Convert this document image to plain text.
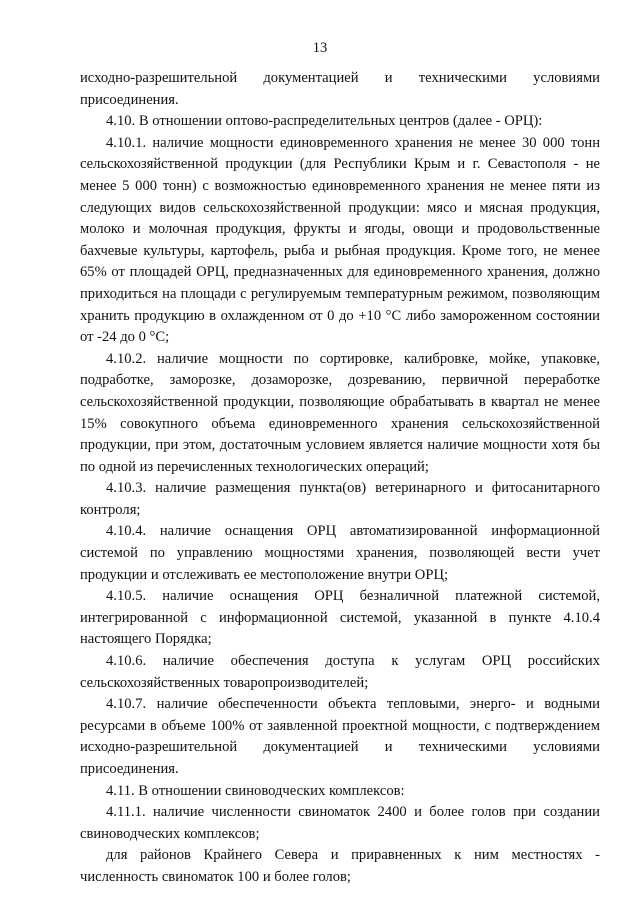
13

исходно-разрешительной документацией и техническими условиями присоединения.

4.10. В отношении оптово-распределительных центров (далее - ОРЦ):

4.10.1. наличие мощности единовременного хранения не менее 30 000 тонн сельскохозяйственной продукции (для Республики Крым и г. Севастополя - не менее 5 000 тонн) с возможностью единовременного хранения не менее пяти из следующих видов сельскохозяйственной продукции: мясо и мясная продукция, молоко и молочная продукция, фрукты и ягоды, овощи и продовольственные бахчевые культуры, картофель, рыба и рыбная продукция. Кроме того, не менее 65% от площадей ОРЦ, предназначенных для единовременного хранения, должно приходиться на площади с регулируемым температурным режимом, позволяющим хранить продукцию в охлажденном от 0 до +10 °С либо замороженном состоянии от -24 до 0 °С;

4.10.2. наличие мощности по сортировке, калибровке, мойке, упаковке, подработке, заморозке, дозаморозке, дозреванию, первичной переработке сельскохозяйственной продукции, позволяющие обрабатывать в квартал не менее 15% совокупного объема единовременного хранения сельскохозяйственной продукции, при этом, достаточным условием является наличие мощности хотя бы по одной из перечисленных технологических операций;

4.10.3. наличие размещения пункта(ов) ветеринарного и фитосанитарного контроля;

4.10.4. наличие оснащения ОРЦ автоматизированной информационной системой по управлению мощностями хранения, позволяющей вести учет продукции и отслеживать ее местоположение внутри ОРЦ;

4.10.5. наличие оснащения ОРЦ безналичной платежной системой, интегрированной с информационной системой, указанной в пункте 4.10.4 настоящего Порядка;

4.10.6. наличие обеспечения доступа к услугам ОРЦ российских сельскохозяйственных товаропроизводителей;

4.10.7. наличие обеспеченности объекта тепловыми, энерго- и водными ресурсами в объеме 100% от заявленной проектной мощности, с подтверждением исходно-разрешительной документацией и техническими условиями присоединения.

4.11. В отношении свиноводческих комплексов:

4.11.1. наличие численности свиноматок 2400 и более голов при создании свиноводческих комплексов;

для районов Крайнего Севера и приравненных к ним местностях - численность свиноматок 100 и более голов;
